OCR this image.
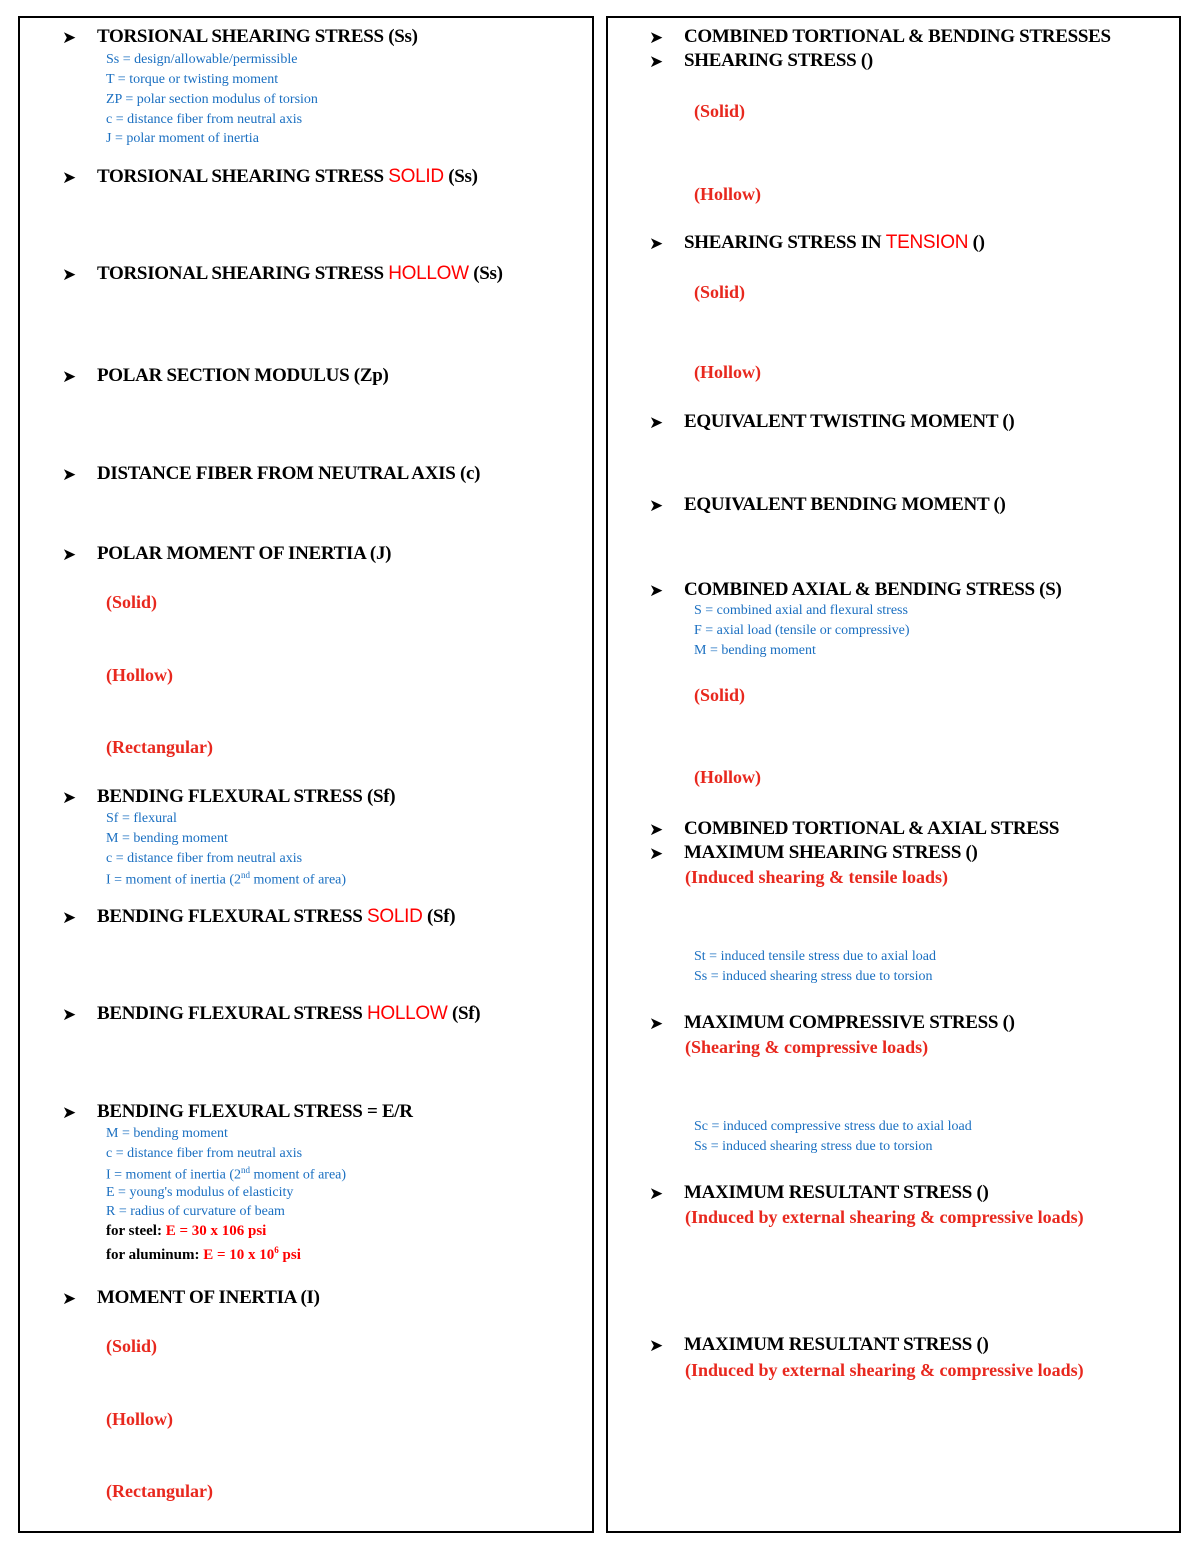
➤ TORSIONAL SHEARING STRESS (Ss)
Ss = design/allowable/permissible
T = torque or twisting moment
ZP = polar section modulus of torsion
c = distance fiber from neutral axis
J = polar moment of inertia
➤ TORSIONAL SHEARING STRESS SOLID (Ss)
➤ TORSIONAL SHEARING STRESS HOLLOW (Ss)
➤ POLAR SECTION MODULUS (Zp)
➤ DISTANCE FIBER FROM NEUTRAL AXIS (c)
➤ POLAR MOMENT OF INERTIA (J)
(Solid)
(Hollow)
(Rectangular)
➤ BENDING FLEXURAL STRESS (Sf)
Sf = flexural
M = bending moment
c = distance fiber from neutral axis
I = moment of inertia (2nd moment of area)
➤ BENDING FLEXURAL STRESS SOLID (Sf)
➤ BENDING FLEXURAL STRESS HOLLOW (Sf)
➤ BENDING FLEXURAL STRESS = E/R
M = bending moment
c = distance fiber from neutral axis
I = moment of inertia (2nd moment of area)
E = young's modulus of elasticity
R = radius of curvature of beam
for steel: E = 30 x 106 psi
for aluminum: E = 10 x $10^6$ psi
➤ MOMENT OF INERTIA (I)
(Solid)
(Hollow)
(Rectangular)
➤ COMBINED TORTIONAL & BENDING STRESSES
➤ SHEARING STRESS ()
(Solid)
(Hollow)
➤ SHEARING STRESS IN TENSION ()
(Solid)
(Hollow)
➤ EQUIVALENT TWISTING MOMENT ()
➤ EQUIVALENT BENDING MOMENT ()
➤ COMBINED AXIAL & BENDING STRESS (S)
S = combined axial and flexural stress
F = axial load (tensile or compressive)
M = bending moment
(Solid)
(Hollow)
➤ COMBINED TORTIONAL & AXIAL STRESS
➤ MAXIMUM SHEARING STRESS ()
(Induced shearing & tensile loads)
St = induced tensile stress due to axial load
Ss = induced shearing stress due to torsion
➤ MAXIMUM COMPRESSIVE STRESS ()
(Shearing & compressive loads)
Sc = induced compressive stress due to axial load
Ss = induced shearing stress due to torsion
➤ MAXIMUM RESULTANT STRESS ()
(Induced by external shearing & compressive loads)
➤ MAXIMUM RESULTANT STRESS ()
(Induced by external shearing & compressive loads)
